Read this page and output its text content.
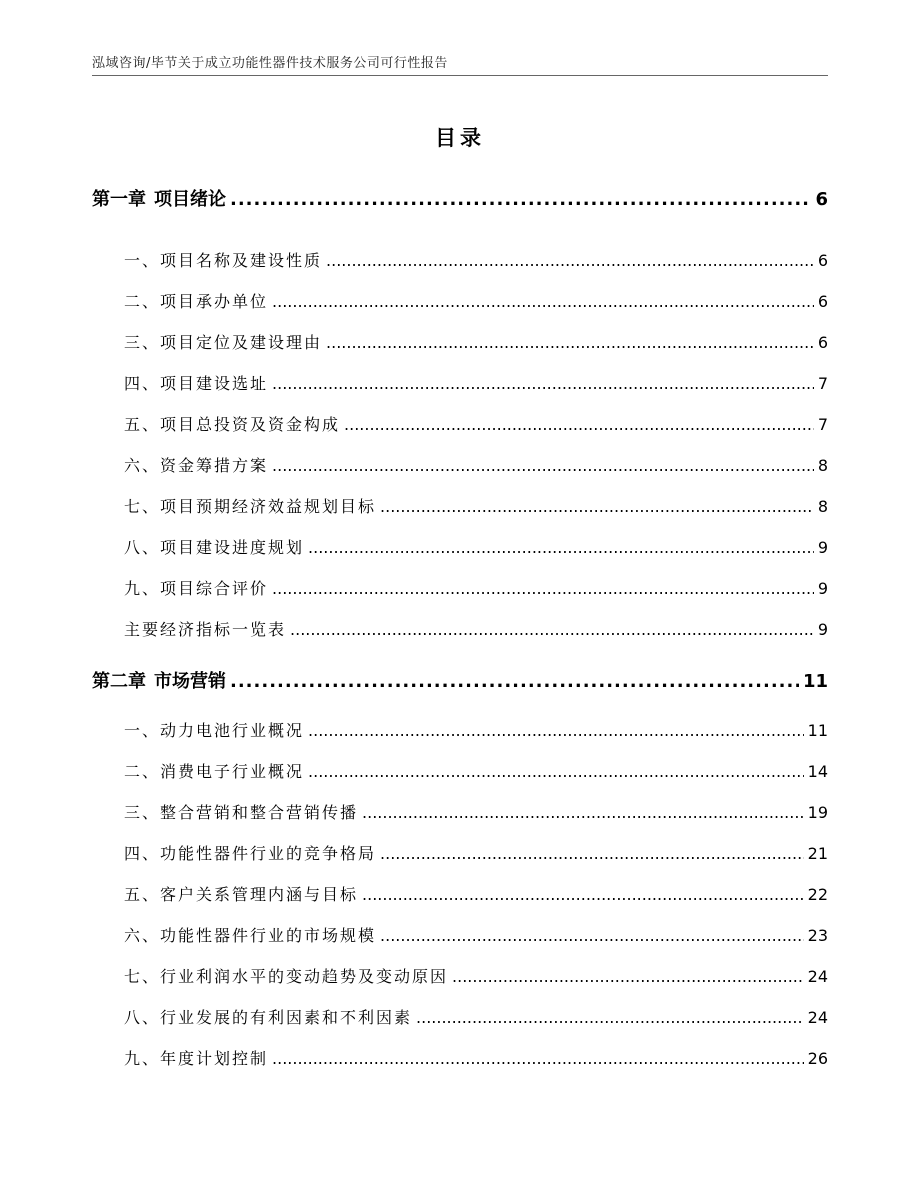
泓域咨询/毕节关于成立功能性器件技术服务公司可行性报告
目录
第一章 项目绪论 .....	6
一、 项目名称及建设性质 .....	6
二、 项目承办单位 .....	6
三、 项目定位及建设理由 .....	6
四、 项目建设选址 .....	7
五、 项目总投资及资金构成 .....	7
六、 资金筹措方案 .....	8
七、 项目预期经济效益规划目标 .....	8
八、 项目建设进度规划 .....	9
九、 项目综合评价 .....	9
主要经济指标一览表 .....	9
第二章 市场营销 .....	11
一、 动力电池行业概况 .....	11
二、 消费电子行业概况 .....	14
三、 整合营销和整合营销传播 .....	19
四、 功能性器件行业的竞争格局 .....	21
五、 客户关系管理内涵与目标 .....	22
六、 功能性器件行业的市场规模 .....	23
七、 行业利润水平的变动趋势及变动原因 .....	24
八、 行业发展的有利因素和不利因素 .....	24
九、 年度计划控制 .....	26
